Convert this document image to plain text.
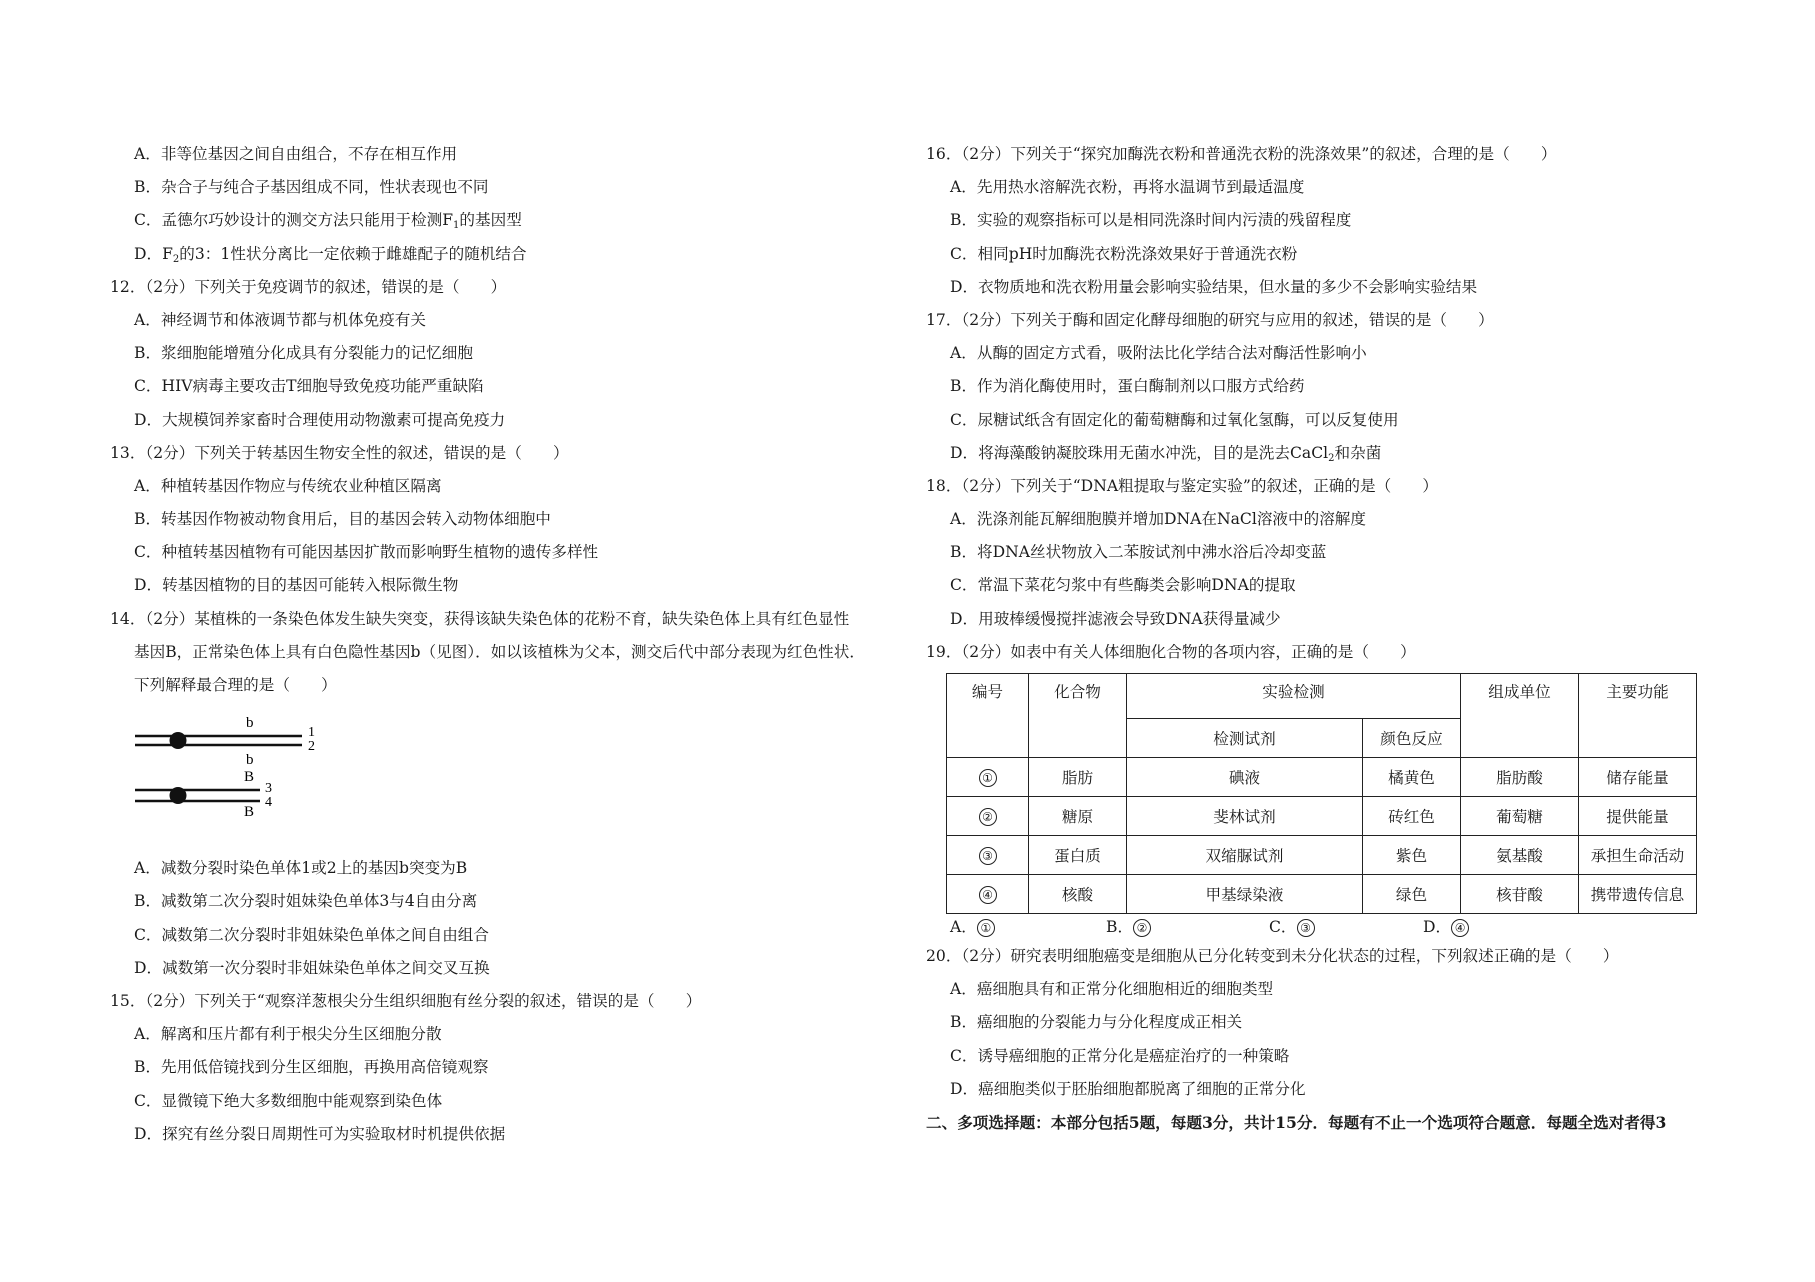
A．非等位基因之间自由组合，不存在相互作用
B．杂合子与纯合子基因组成不同，性状表现也不同
C．孟德尔巧妙设计的测交方法只能用于检测$F_1$的基因型
D．$F_2$的3：1性状分离比一定依赖于雌雄配子的随机结合
12．（2分）下列关于免疫调节的叙述，错误的是（　　）
A．神经调节和体液调节都与机体免疫有关
B．浆细胞能增殖分化成具有分裂能力的记忆细胞
C．HIV病毒主要攻击T细胞导致免疫功能严重缺陷
D．大规模饲养家畜时合理使用动物激素可提高免疫力
13．（2分）下列关于转基因生物安全性的叙述，错误的是（　　）
A．种植转基因作物应与传统农业种植区隔离
B．转基因作物被动物食用后，目的基因会转入动物体细胞中
C．种植转基因植物有可能因基因扩散而影响野生植物的遗传多样性
D．转基因植物的目的基因可能转入根际微生物
14．（2分）某植株的一条染色体发生缺失突变，获得该缺失染色体的花粉不育，缺失染色体上具有红色显性
基因B，正常染色体上具有白色隐性基因b（见图）．如以该植株为父本，测交后代中部分表现为红色性状．
下列解释最合理的是（　　）
b
b
1
2
B
B
3
4
A．减数分裂时染色单体1或2上的基因b突变为B
B．减数第二次分裂时姐妹染色单体3与4自由分离
C．减数第二次分裂时非姐妹染色单体之间自由组合
D．减数第一次分裂时非姐妹染色单体之间交叉互换
15．（2分）下列关于“观察洋葱根尖分生组织细胞有丝分裂的叙述，错误的是（　　）
A．解离和压片都有利于根尖分生区细胞分散
B．先用低倍镜找到分生区细胞，再换用高倍镜观察
C．显微镜下绝大多数细胞中能观察到染色体
D．探究有丝分裂日周期性可为实验取材时机提供依据
16．（2分）下列关于“探究加酶洗衣粉和普通洗衣粉的洗涤效果”的叙述，合理的是（　　）
A．先用热水溶解洗衣粉，再将水温调节到最适温度
B．实验的观察指标可以是相同洗涤时间内污渍的残留程度
C．相同pH时加酶洗衣粉洗涤效果好于普通洗衣粉
D．衣物质地和洗衣粉用量会影响实验结果，但水量的多少不会影响实验结果
17．（2分）下列关于酶和固定化酵母细胞的研究与应用的叙述，错误的是（　　）
A．从酶的固定方式看，吸附法比化学结合法对酶活性影响小
B．作为消化酶使用时，蛋白酶制剂以口服方式给药
C．尿糖试纸含有固定化的葡萄糖酶和过氧化氢酶，可以反复使用
D．将海藻酸钠凝胶珠用无菌水冲洗，目的是洗去CaCl$_2$和杂菌
18．（2分）下列关于“DNA粗提取与鉴定实验”的叙述，正确的是（　　）
A．洗涤剂能瓦解细胞膜并增加DNA在NaCl溶液中的溶解度
B．将DNA丝状物放入二苯胺试剂中沸水浴后冷却变蓝
C．常温下菜花匀浆中有些酶类会影响DNA的提取
D．用玻棒缓慢搅拌滤液会导致DNA获得量减少
19．（2分）如表中有关人体细胞化合物的各项内容，正确的是（　　）
编号	化合物	实验检测		组成单位	主要功能
		检测试剂	颜色反应		
①	脂肪	碘液	橘黄色	脂肪酸	储存能量
②	糖原	斐林试剂	砖红色	葡萄糖	提供能量
③	蛋白质	双缩脲试剂	紫色	氨基酸	承担生命活动
④	核酸	甲基绿染液	绿色	核苷酸	携带遗传信息
A． ①	B． ②	C． ③	D． ④
20．（2分）研究表明细胞癌变是细胞从已分化转变到未分化状态的过程，下列叙述正确的是（　　）
A．癌细胞具有和正常分化细胞相近的细胞类型
B．癌细胞的分裂能力与分化程度成正相关
C．诱导癌细胞的正常分化是癌症治疗的一种策略
D．癌细胞类似于胚胎细胞都脱离了细胞的正常分化
二、多项选择题：本部分包括5题，每题3分，共计15分．每题有不止一个选项符合题意．每题全选对者得3
